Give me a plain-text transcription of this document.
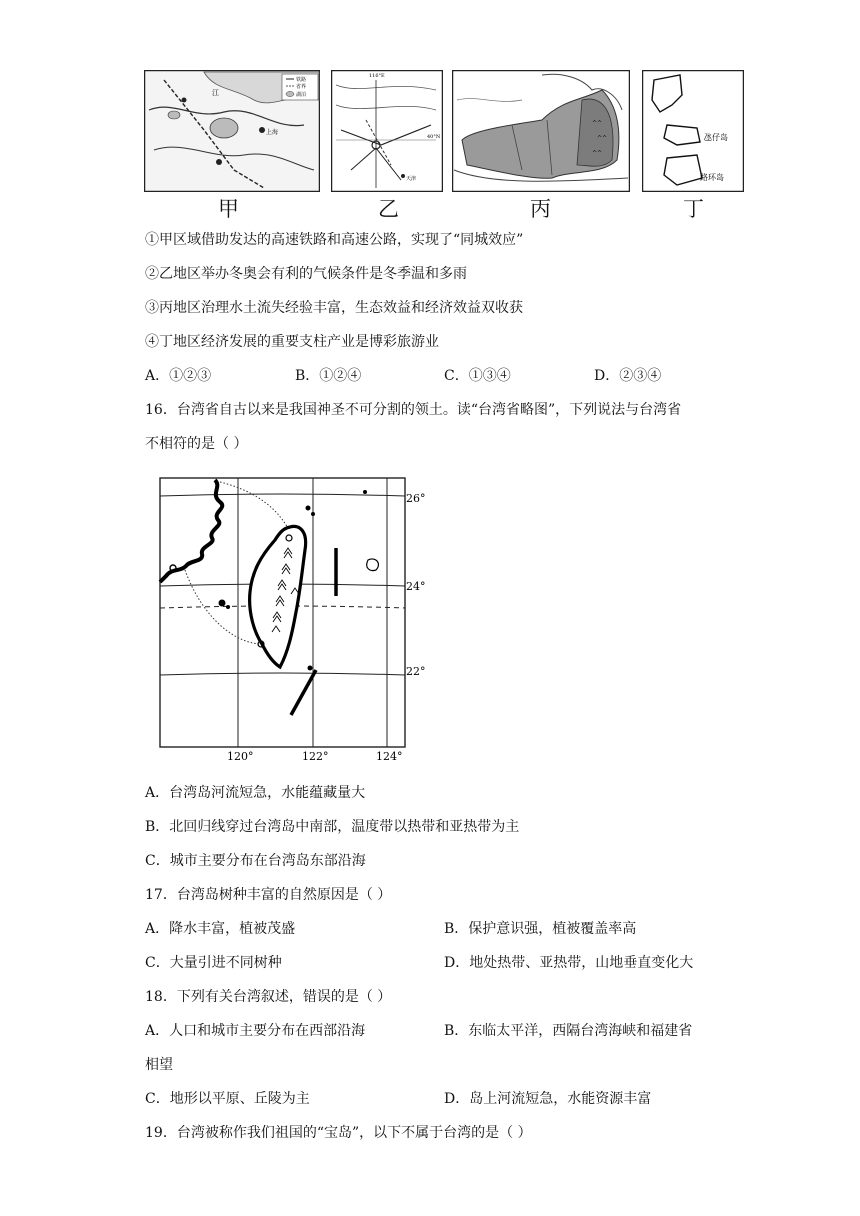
铁路
省界
湖泊
江
上海
116°E
40°N
天津
^^
^^
^^
氹仔岛
路环岛
甲	乙	丙	丁
①甲区域借助发达的高速铁路和高速公路，实现了“同城效应”
②乙地区举办冬奥会有利的气候条件是冬季温和多雨
③丙地区治理水土流失经验丰富，生态效益和经济效益双收获
④丁地区经济发展的重要支柱产业是博彩旅游业
A．①②③	B．①②④	C．①③④	D．②③④
16．台湾省自古以来是我国神圣不可分割的领土。读“台湾省略图”，下列说法与台湾省
不相符的是（ ）
26°
24°
22°
120°	122°	124°
A．台湾岛河流短急，水能蕴藏量大
B．北回归线穿过台湾岛中南部，温度带以热带和亚热带为主
C．城市主要分布在台湾岛东部沿海
17．台湾岛树种丰富的自然原因是（ ）
A．降水丰富，植被茂盛	B．保护意识强，植被覆盖率高
C．大量引进不同树种	D．地处热带、亚热带，山地垂直变化大
18．下列有关台湾叙述，错误的是（ ）
A．人口和城市主要分布在西部沿海	B．东临太平洋，西隔台湾海峡和福建省
相望
C．地形以平原、丘陵为主	D．岛上河流短急，水能资源丰富
19．台湾被称作我们祖国的“宝岛”，以下不属于台湾的是（ ）
